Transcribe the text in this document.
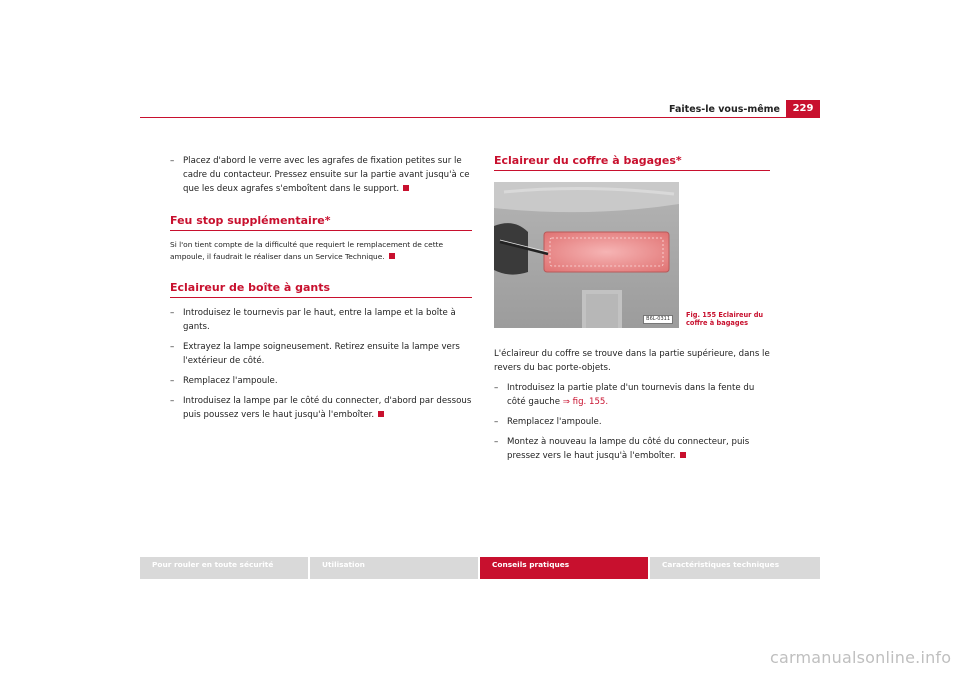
Faites-le vous-même	229
– Placez d'abord le verre avec les agrafes de fixation petites sur le cadre du contacteur. Pressez ensuite sur la partie avant jusqu'à ce que les deux agrafes s'emboîtent dans le support.
Feu stop supplémentaire*
Si l'on tient compte de la difficulté que requiert le remplacement de cette ampoule, il faudrait le réaliser dans un Service Technique.
Eclaireur de boîte à gants
– Introduisez le tournevis par le haut, entre la lampe et la boîte à gants.
– Extrayez la lampe soigneusement. Retirez ensuite la lampe vers l'extérieur de côté.
– Remplacez l'ampoule.
– Introduisez la lampe par le côté du connecter, d'abord par dessous puis poussez vers le haut jusqu'à l'emboîter.
Eclaireur du coffre à bagages*
L'éclaireur du coffre se trouve dans la partie supérieure, dans le revers du bac porte-objets.
– Introduisez la partie plate d'un tournevis dans la fente du côté gauche ⇒ fig. 155.
– Remplacez l'ampoule.
– Montez à nouveau la lampe du côté du connecteur, puis pressez vers le haut jusqu'à l'emboîter.
B6L-0311	Fig. 155 Eclaireur du coffre à bagages
Pour rouler en toute sécurité	Utilisation	Conseils pratiques	Caractéristiques techniques
carmanualsonline.info
